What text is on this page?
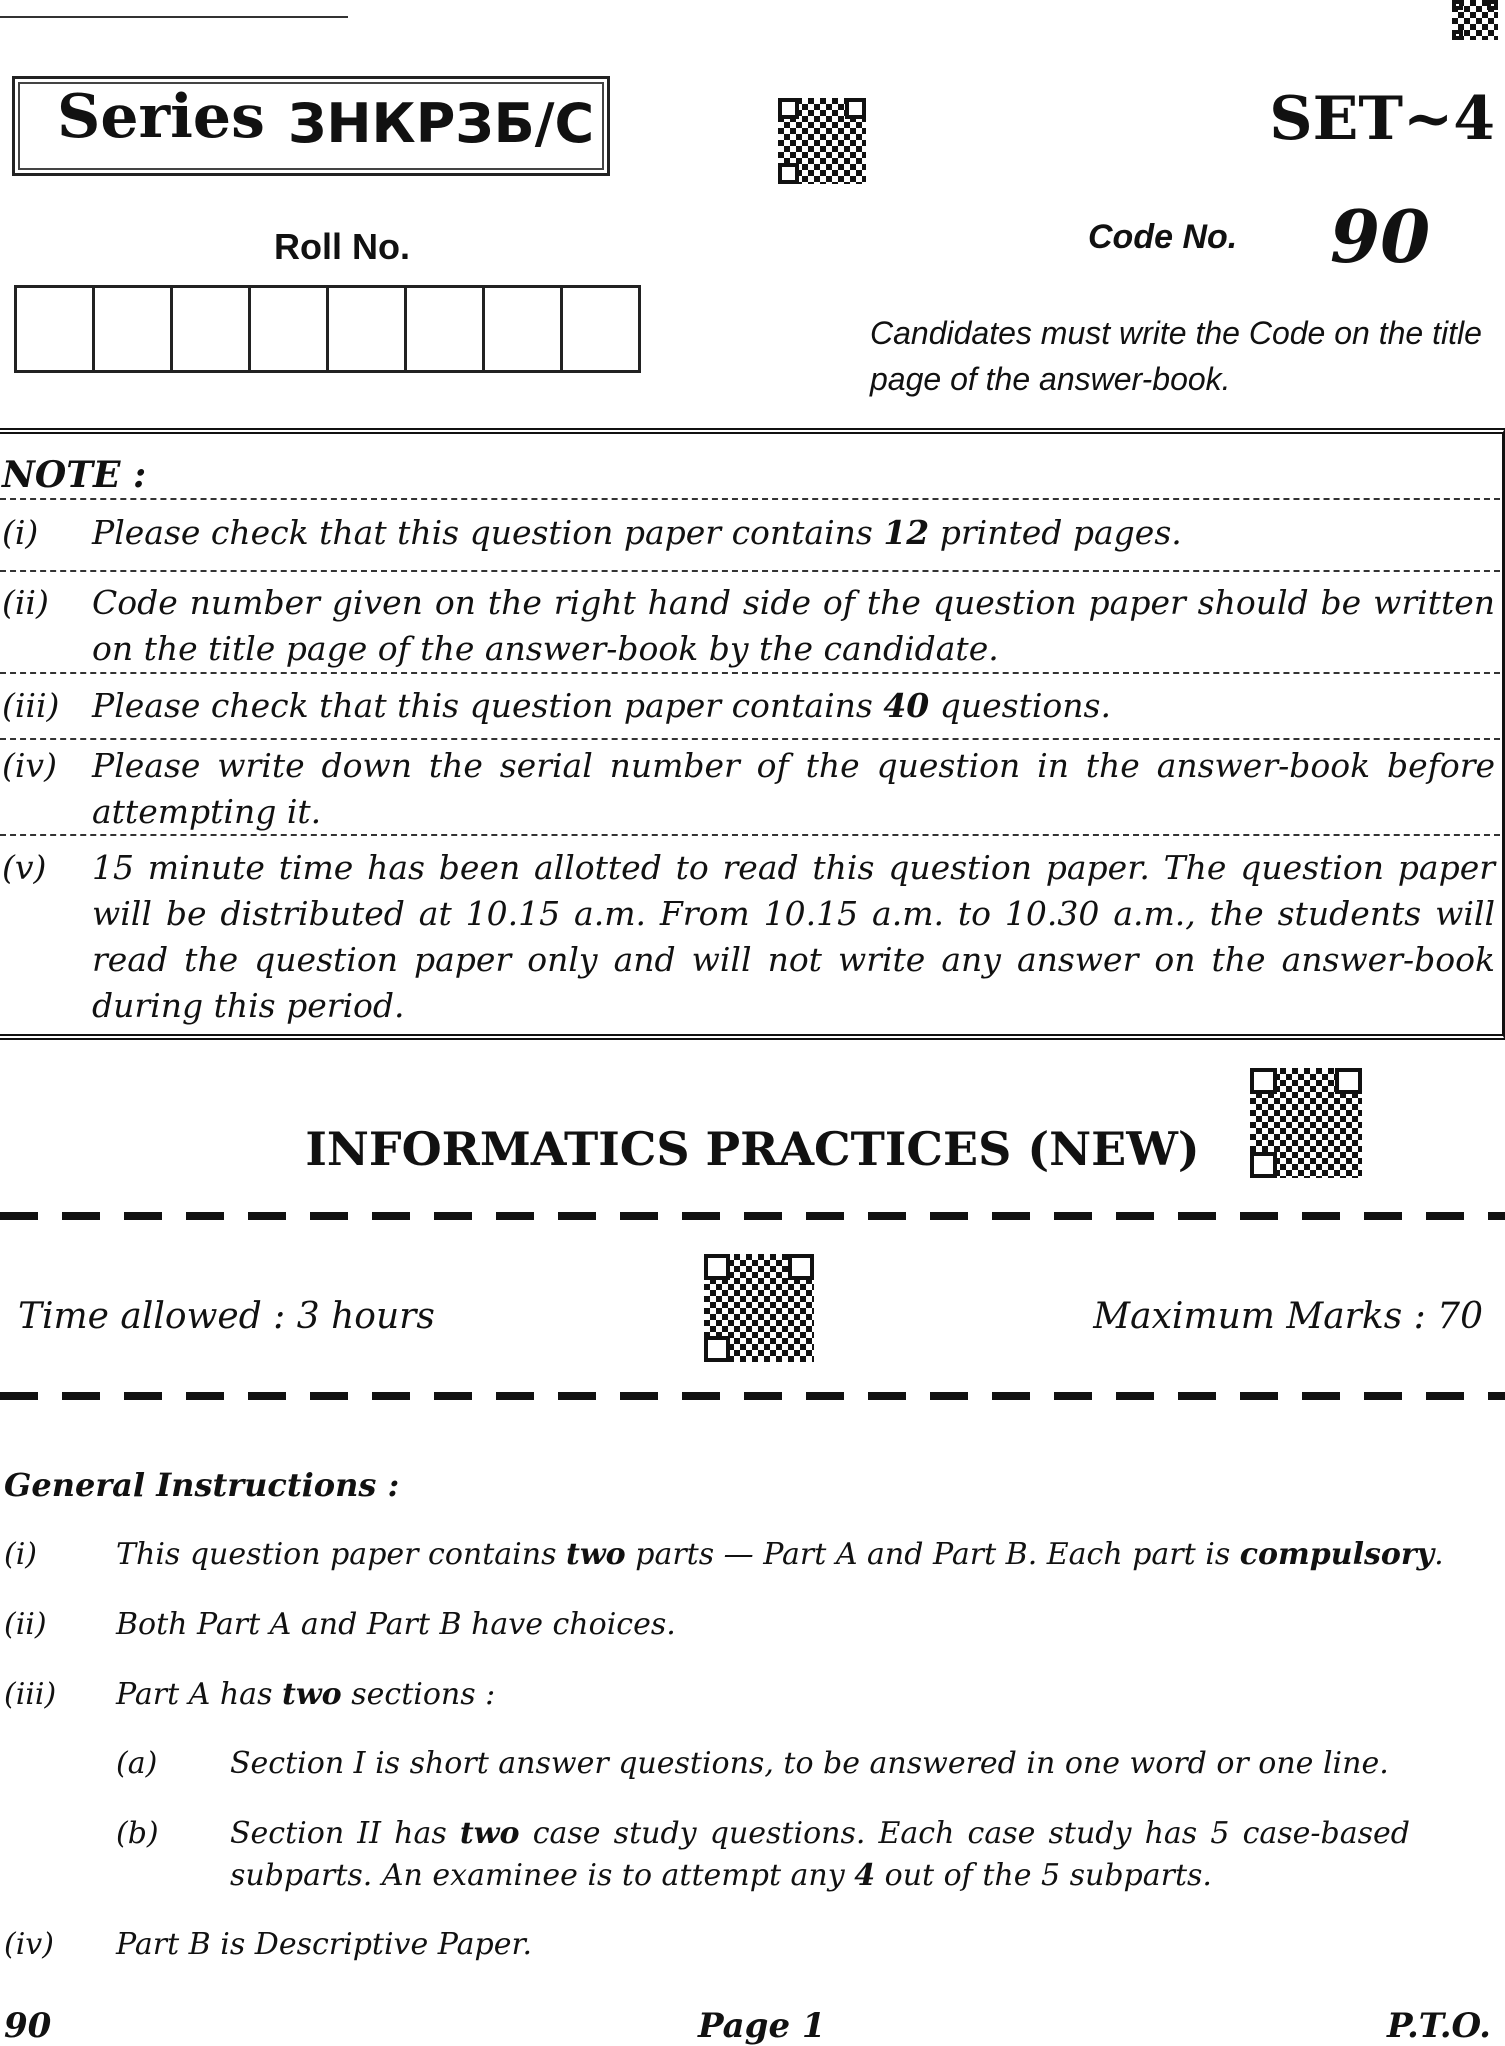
Series ЗНКРЗБ/С	SET~4
Roll No.	Code No. 90
Candidates must write the Code on the title page of the answer-book.
NOTE :
(i) Please check that this question paper contains 12 printed pages.
(ii) Code number given on the right hand side of the question paper should be written on the title page of the answer-book by the candidate.
(iii) Please check that this question paper contains 40 questions.
(iv) Please write down the serial number of the question in the answer-book before attempting it.
(v) 15 minute time has been allotted to read this question paper. The question paper will be distributed at 10.15 a.m. From 10.15 a.m. to 10.30 a.m., the students will read the question paper only and will not write any answer on the answer-book during this period.
INFORMATICS PRACTICES (NEW)
Time allowed : 3 hours	Maximum Marks : 70
General Instructions :
(i)	This question paper contains two parts — Part A and Part B. Each part is compulsory.
(ii) Both Part A and Part B have choices.
(iii) Part A has two sections :
(a) Section I is short answer questions, to be answered in one word or one line.
(b) Section II has two case study questions. Each case study has 5 case-based subparts. An examinee is to attempt any 4 out of the 5 subparts.
(iv) Part B is Descriptive Paper.
90	Page 1	P.T.O.
